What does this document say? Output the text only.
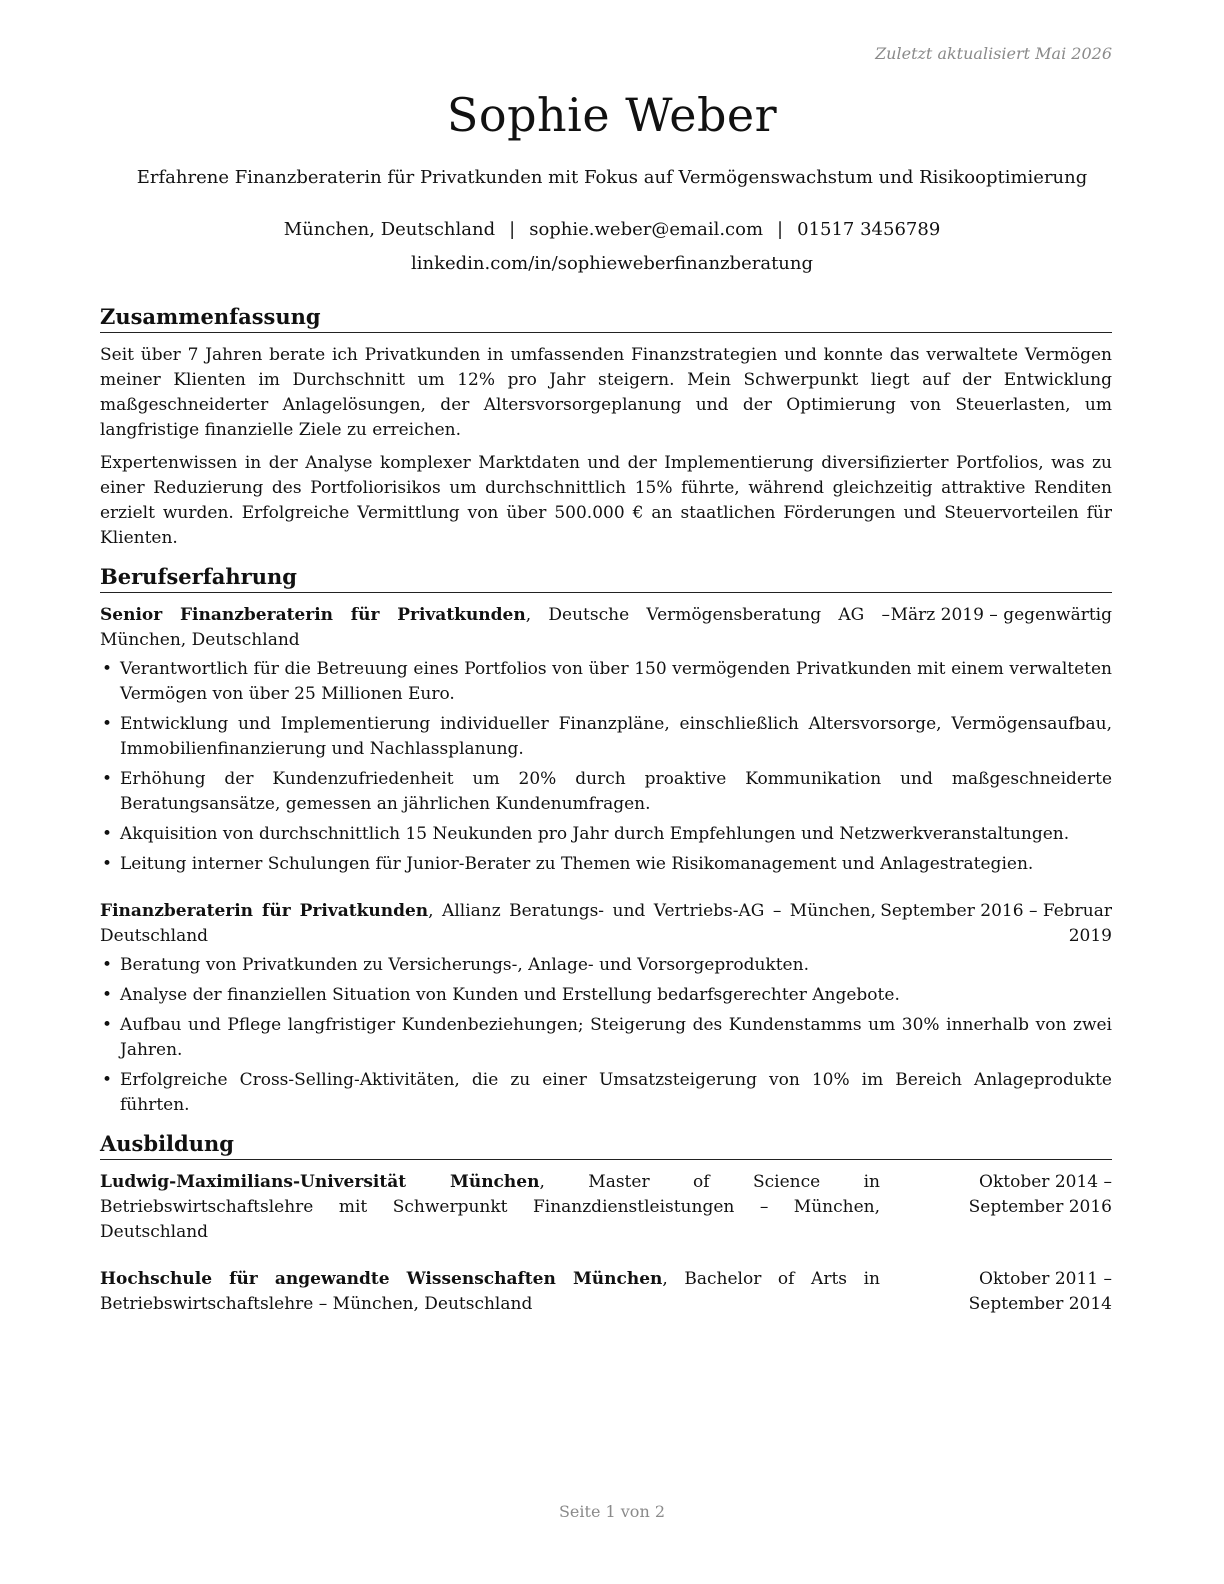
Zuletzt aktualisiert Mai 2026
Sophie Weber
Erfahrene Finanzberaterin für Privatkunden mit Fokus auf Vermögenswachstum und Risikooptimierung
München, Deutschland | sophie.weber@email.com | 01517 3456789
linkedin.com/in/sophieweberfinanzberatung
Zusammenfassung

Seit über 7 Jahren berate ich Privatkunden in umfassenden Finanzstrategien und konnte das verwaltete Vermögen meiner Klienten im Durchschnitt um 12% pro Jahr steigern. Mein Schwerpunkt liegt auf der Entwicklung maßgeschneiderter Anlagelösungen, der Altersvorsorgeplanung und der Optimierung von Steuerlasten, um langfristige finanzielle Ziele zu erreichen.

Expertenwissen in der Analyse komplexer Marktdaten und der Implementierung diversifizierter Portfolios, was zu einer Reduzierung des Portfoliorisikos um durchschnittlich 15% führte, während gleichzeitig attraktive Renditen erzielt wurden. Erfolgreiche Vermittlung von über 500.000 € an staatlichen Förderungen und Steuervorteilen für Klienten.

Berufserfahrung
Senior Finanzberaterin für Privatkunden, Deutsche Vermögensberatung AG – München, Deutschland
März 2019 – gegenwärtig
• Verantwortlich für die Betreuung eines Portfolios von über 150 vermögenden Privatkunden mit einem verwalteten Vermögen von über 25 Millionen Euro.
• Entwicklung und Implementierung individueller Finanzpläne, einschließlich Altersvorsorge, Vermögensaufbau, Immobilienfinanzierung und Nachlassplanung.
• Erhöhung der Kundenzufriedenheit um 20% durch proaktive Kommunikation und maßgeschneiderte Beratungsansätze, gemessen an jährlichen Kundenumfragen.
• Akquisition von durchschnittlich 15 Neukunden pro Jahr durch Empfehlungen und Netzwerkveranstaltungen.
• Leitung interner Schulungen für Junior-Berater zu Themen wie Risikomanagement und Anlagestrategien.
Finanzberaterin für Privatkunden, Allianz Beratungs- und Vertriebs-AG – München, Deutschland
September 2016 – Februar 2019
• Beratung von Privatkunden zu Versicherungs-, Anlage- und Vorsorgeprodukten.
• Analyse der finanziellen Situation von Kunden und Erstellung bedarfsgerechter Angebote.
• Aufbau und Pflege langfristiger Kundenbeziehungen; Steigerung des Kundenstamms um 30% innerhalb von zwei Jahren.
• Erfolgreiche Cross-Selling-Aktivitäten, die zu einer Umsatzsteigerung von 10% im Bereich Anlageprodukte führten.
Ausbildung
Ludwig-Maximilians-Universität München, Master of Science in Betriebswirtschaftslehre mit Schwerpunkt Finanzdienstleistungen – München, Deutschland
Oktober 2014 – September 2016
Hochschule für angewandte Wissenschaften München, Bachelor of Arts in Betriebswirtschaftslehre – München, Deutschland
Oktober 2011 – September 2014
Seite 1 von 2
